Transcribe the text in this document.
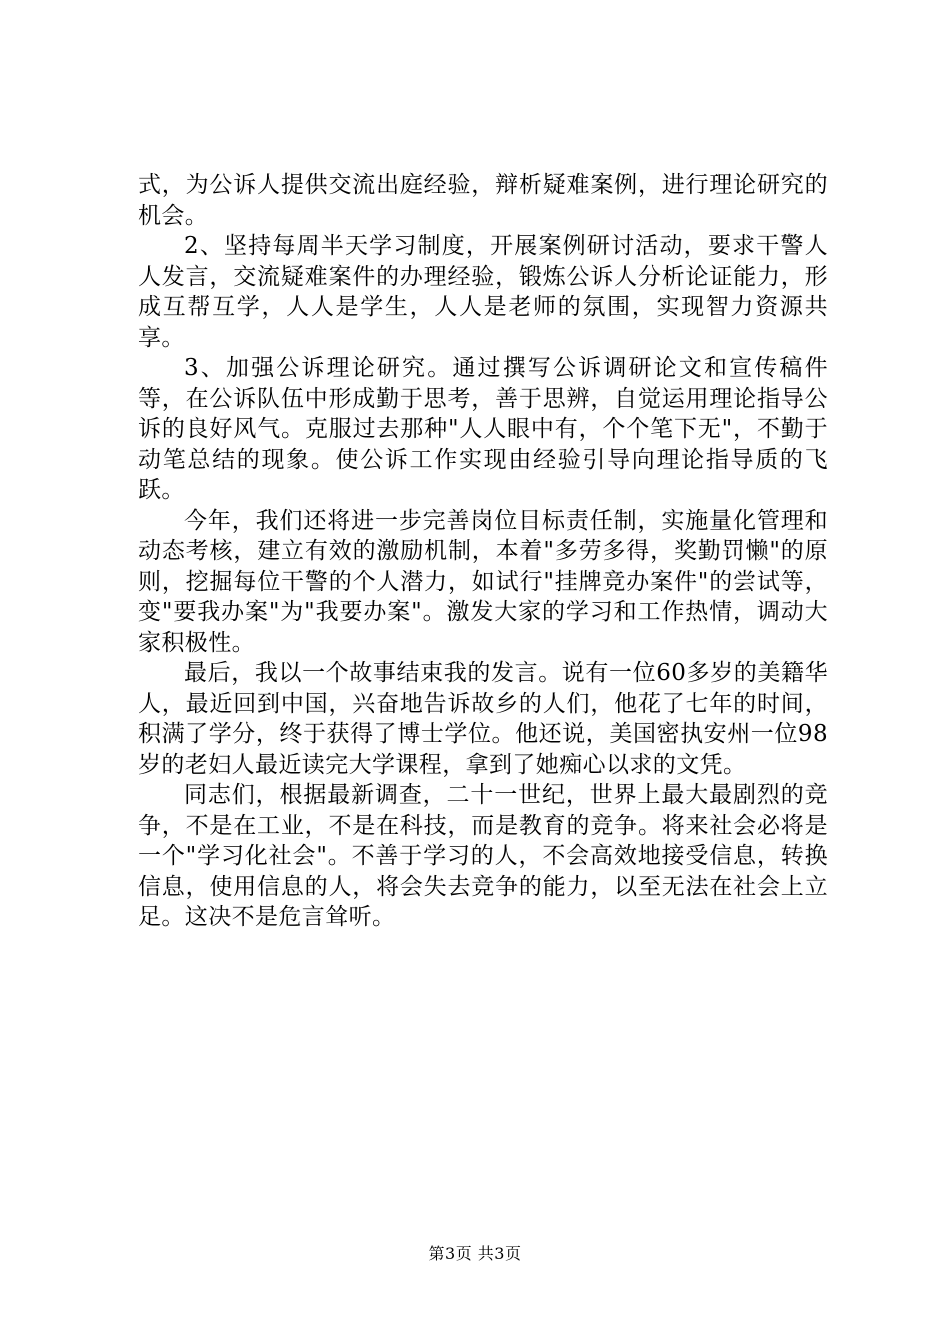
式，为公诉人提供交流出庭经验，辩析疑难案例，进行理论研究的机会。

2、坚持每周半天学习制度，开展案例研讨活动，要求干警人人发言，交流疑难案件的办理经验，锻炼公诉人分析论证能力，形成互帮互学，人人是学生，人人是老师的氛围，实现智力资源共享。

3、加强公诉理论研究。通过撰写公诉调研论文和宣传稿件等，在公诉队伍中形成勤于思考，善于思辨，自觉运用理论指导公诉的良好风气。克服过去那种"人人眼中有，个个笔下无"，不勤于动笔总结的现象。使公诉工作实现由经验引导向理论指导质的飞跃。

今年，我们还将进一步完善岗位目标责任制，实施量化管理和动态考核，建立有效的激励机制，本着"多劳多得，奖勤罚懒"的原则，挖掘每位干警的个人潜力，如试行"挂牌竞办案件"的尝试等，变"要我办案"为"我要办案"。激发大家的学习和工作热情，调动大家积极性。

最后，我以一个故事结束我的发言。说有一位60多岁的美籍华人，最近回到中国，兴奋地告诉故乡的人们，他花了七年的时间，积满了学分，终于获得了博士学位。他还说，美国密执安州一位98岁的老妇人最近读完大学课程，拿到了她痴心以求的文凭。

同志们，根据最新调查，二十一世纪，世界上最大最剧烈的竞争，不是在工业，不是在科技，而是教育的竞争。将来社会必将是一个"学习化社会"。不善于学习的人，不会高效地接受信息，转换信息，使用信息的人，将会失去竞争的能力，以至无法在社会上立足。这决不是危言耸听。

第3页 共3页
